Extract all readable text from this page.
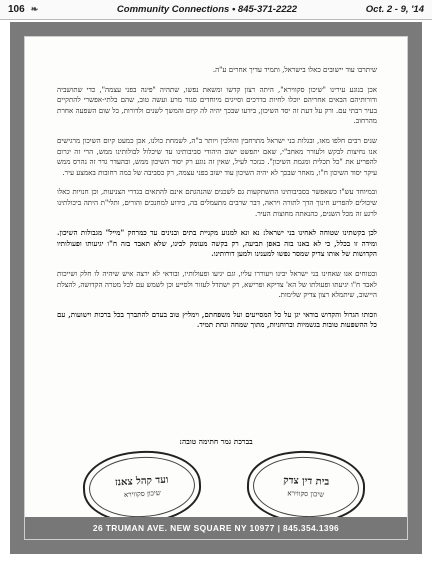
106 ❧	Community Connections • 845-371-2222	Oct. 2 - 9, '14

שיתרבו עוד יישובים כאלו בישראל, ותמיד עדיך אחרים ע"ה.

אכן בנוגע עירינו "שיכון סקווירא", היתה רצון קדשו ומשאת נפשו, שתהיה "פינה בפני עצמה", כדי שתושביה ודורותיהם הבאים אחריהם יוכלו לחיות בדרכים וסייגים מיוחדים סגור מרע ועשה טוב, שהם בלתי-אפשרי להתקיים בעיר רבתי עם. ורק על דעת זה יסד השיכון, בידעו שבכך יהיה לה קיום והמשך לשנים ולדורות, כל שום השפעה אחרת מהרחוב.

שנים רבים חלפו מאז, ובגלות בני ישראל מתרחבין והולכין ויותר ב"ה, לשמחת כולנו, אכן כמעט קיום השיכון מרגישים אנו נחיצות לבקש ולעורר מאחב"י, שאם יתפשט ישוב היהודי סביבותינו עד שיכלול לבולותינו ממש, הרי זה יגרום להפריע את "כל תכלית ומגמת השיכון". כנזכר לעיל, שאין זה נוגע רק יסוד השיכון ממש, ובהעדר גדר זה נהרס ממש עיקר יסוד השיכון ח"ו, מאחר שבכך לא יהיה השיכון עוד ישוב בפני עצמה, רק כסביבה של כמה רחובות באמצע עיר.

ובמיוחד עש"ז כשאפשר בסביבותינו התשתקעות גם לשכנים שהנהגתם אינם להתאים בגדרי הצניעות, וכן חנויות כאלו שיכולים להפריע חינוך הדך לתורה ויראה, דבר שרבים מתעמלים בה, כידוע למחנכים והורים, ותלי"ת היתה ביכולתינו לרגע זה מכל השנים, כהנאתה מחוצות העיר.

לכן בקשתינו שטוחה לאחינו בני ישראל: נא ונא למנוע מקניית בתים ובנינים עד כמרחק "מייל" מגבולות השיכון. ומידה זו בכלל, כי לא באנו בזה באפן תביעה, רק בקשה מעומק לבינו, שלא תאבד בזה ח"ו יגיעותו ופעולותיו הקדושות של אותו צדיק שמסר נפשו למענינו ולמען דורותינו.

ובטוחים אנו שאחינו בני ישראל יבינו ויעוררו עליו, וגם יגיעו ופעולותיו, ובודאי לא ירצה איש שיהיה לו חלק ושייכות לאבד ח"ו יגיעתו ופעולתו של הא' צדיקא ופרישא, רק ישתדל לעזור ולסייע וכן לשמש עם לכל מטרה הקדושה, להצלת היישוב, שיתמלא רצון צדיק שלימות.

וזכותו הגדול והקדוש בודאי יגן על כל המסייעים ועל משפחתם, וימליץ טוב בעדם להתברך בכל ברכות וישועות, עם כל ההשפעות טובות בגשמיות וברוחניות, מתוך שמחה ונחת תמיד.

בברכת גמר חתימה טובה:
ועד קהל צאנז
שיכון סקווירא
בית דין צדק
שיכון סקווירא
26 TRUMAN AVE. NEW SQUARE NY 10977 | 845.354.1396
